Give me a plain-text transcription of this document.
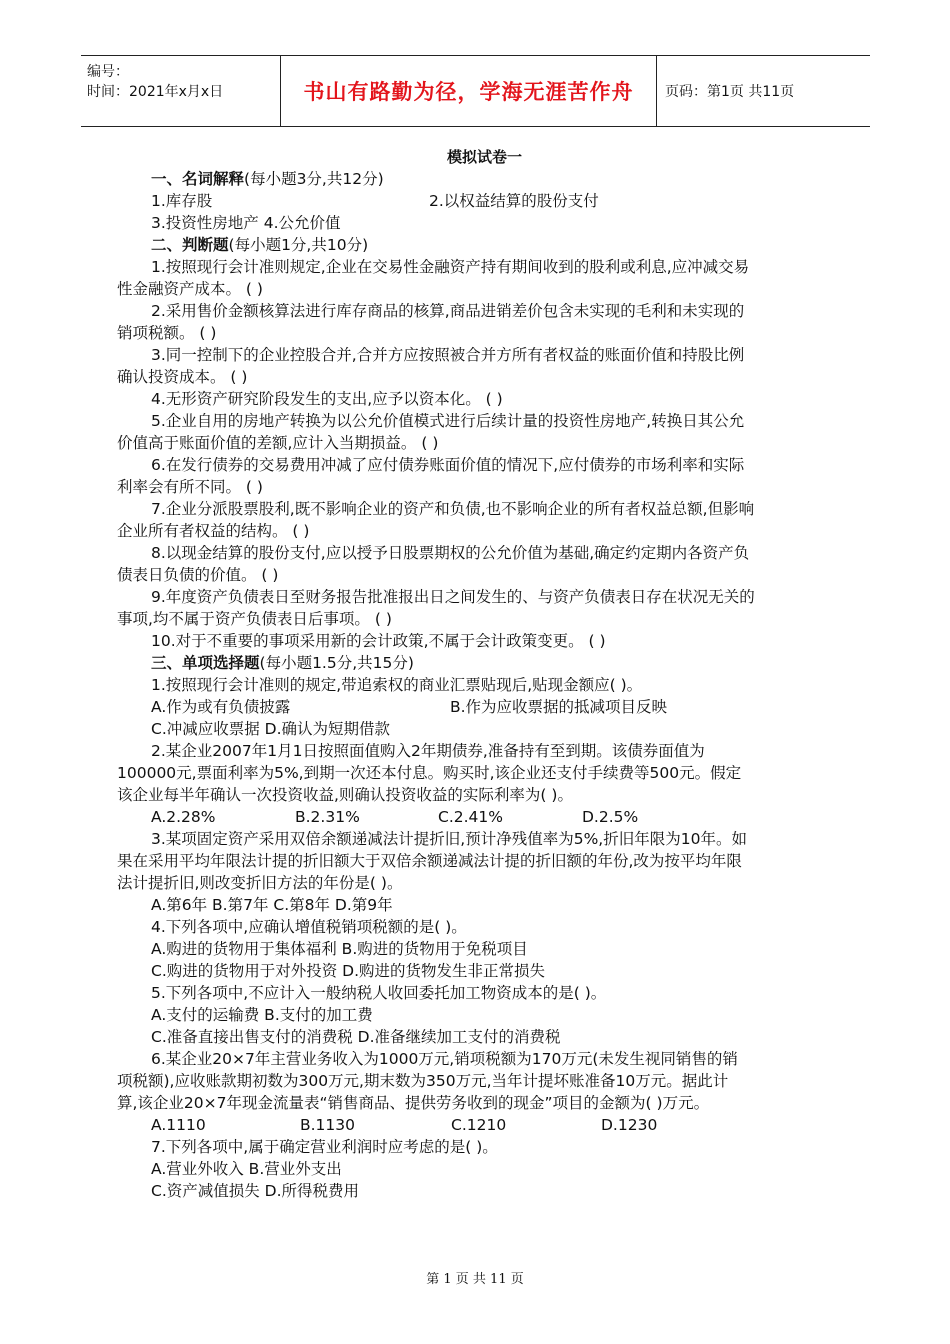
编号：
时间：2021年x月x日	书山有路勤为径，学海无涯苦作舟	页码：第1页 共11页
模拟试卷一
一、名词解释(每小题3分,共12分)
1.库存股	2.以权益结算的股份支付
3.投资性房地产 4.公允价值
二、判断题(每小题1分,共10分)
1.按照现行会计准则规定,企业在交易性金融资产持有期间收到的股利或利息,应冲减交易
性金融资产成本。 ( )
2.采用售价金额核算法进行库存商品的核算,商品进销差价包含未实现的毛利和未实现的
销项税额。 ( )
3.同一控制下的企业控股合并,合并方应按照被合并方所有者权益的账面价值和持股比例
确认投资成本。 ( )
4.无形资产研究阶段发生的支出,应予以资本化。 ( )
5.企业自用的房地产转换为以公允价值模式进行后续计量的投资性房地产,转换日其公允
价值高于账面价值的差额,应计入当期损益。 ( )
6.在发行债券的交易费用冲减了应付债券账面价值的情况下,应付债券的市场利率和实际
利率会有所不同。 ( )
7.企业分派股票股利,既不影响企业的资产和负债,也不影响企业的所有者权益总额,但影响
企业所有者权益的结构。 ( )
8.以现金结算的股份支付,应以授予日股票期权的公允价值为基础,确定约定期内各资产负
债表日负债的价值。 ( )
9.年度资产负债表日至财务报告批准报出日之间发生的、与资产负债表日存在状况无关的
事项,均不属于资产负债表日后事项。 ( )
10.对于不重要的事项采用新的会计政策,不属于会计政策变更。 ( )
三、单项选择题(每小题1.5分,共15分)
1.按照现行会计准则的规定,带追索权的商业汇票贴现后,贴现金额应( )。
A.作为或有负债披露	B.作为应收票据的抵减项目反映
C.冲减应收票据 D.确认为短期借款
2.某企业2007年1月1日按照面值购入2年期债券,准备持有至到期。该债券面值为
100000元,票面利率为5%,到期一次还本付息。购买时,该企业还支付手续费等500元。假定
该企业每半年确认一次投资收益,则确认投资收益的实际利率为( )。
A.2.28%	B.2.31%	C.2.41%	D.2.5%
3.某项固定资产采用双倍余额递减法计提折旧,预计净残值率为5%,折旧年限为10年。如
果在采用平均年限法计提的折旧额大于双倍余额递减法计提的折旧额的年份,改为按平均年限
法计提折旧,则改变折旧方法的年份是( )。
A.第6年 B.第7年 C.第8年 D.第9年
4.下列各项中,应确认增值税销项税额的是( )。
A.购进的货物用于集体福利 B.购进的货物用于免税项目
C.购进的货物用于对外投资 D.购进的货物发生非正常损失
5.下列各项中,不应计入一般纳税人收回委托加工物资成本的是( )。
A.支付的运输费 B.支付的加工费
C.准备直接出售支付的消费税 D.准备继续加工支付的消费税
6.某企业20×7年主营业务收入为1000万元,销项税额为170万元(未发生视同销售的销
项税额),应收账款期初数为300万元,期末数为350万元,当年计提坏账准备10万元。据此计
算,该企业20×7年现金流量表“销售商品、提供劳务收到的现金”项目的金额为( )万元。
A.1110	B.1130	C.1210	D.1230
7.下列各项中,属于确定营业利润时应考虑的是( )。
A.营业外收入 B.营业外支出
C.资产减值损失 D.所得税费用
第 1 页 共 11 页
